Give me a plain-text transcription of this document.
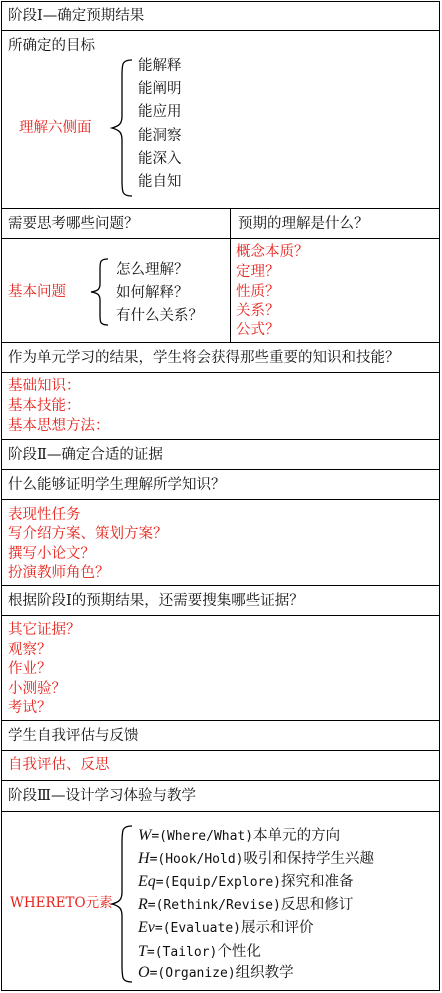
阶段Ⅰ—确定预期结果
所确定的目标
理解六侧面
能解释
能阐明
能应用
能洞察
能深入
能自知
需要思考哪些问题？	预期的理解是什么？
基本问题
怎么理解？
如何解释？
有什么关系？
概念本质？
定理？
性质？
关系？
公式？
作为单元学习的结果，学生将会获得那些重要的知识和技能？
基础知识：
基本技能：
基本思想方法：
阶段Ⅱ—确定合适的证据
什么能够证明学生理解所学知识？
表现性任务
写介绍方案、策划方案？
撰写小论文？
扮演教师角色？
根据阶段Ⅰ的预期结果，还需要搜集哪些证据？
其它证据？
观察？
作业？
小测验？
考试？
学生自我评估与反馈
自我评估、反思
阶段Ⅲ—设计学习体验与教学
WHERETO元素
W=(Where/What)本单元的方向
H=(Hook/Hold)吸引和保持学生兴趣
Eq=(Equip/Explore)探究和准备
R=(Rethink/Revise)反思和修订
Ev=(Evaluate)展示和评价
T=(Tailor)个性化
O=(Organize)组织教学
